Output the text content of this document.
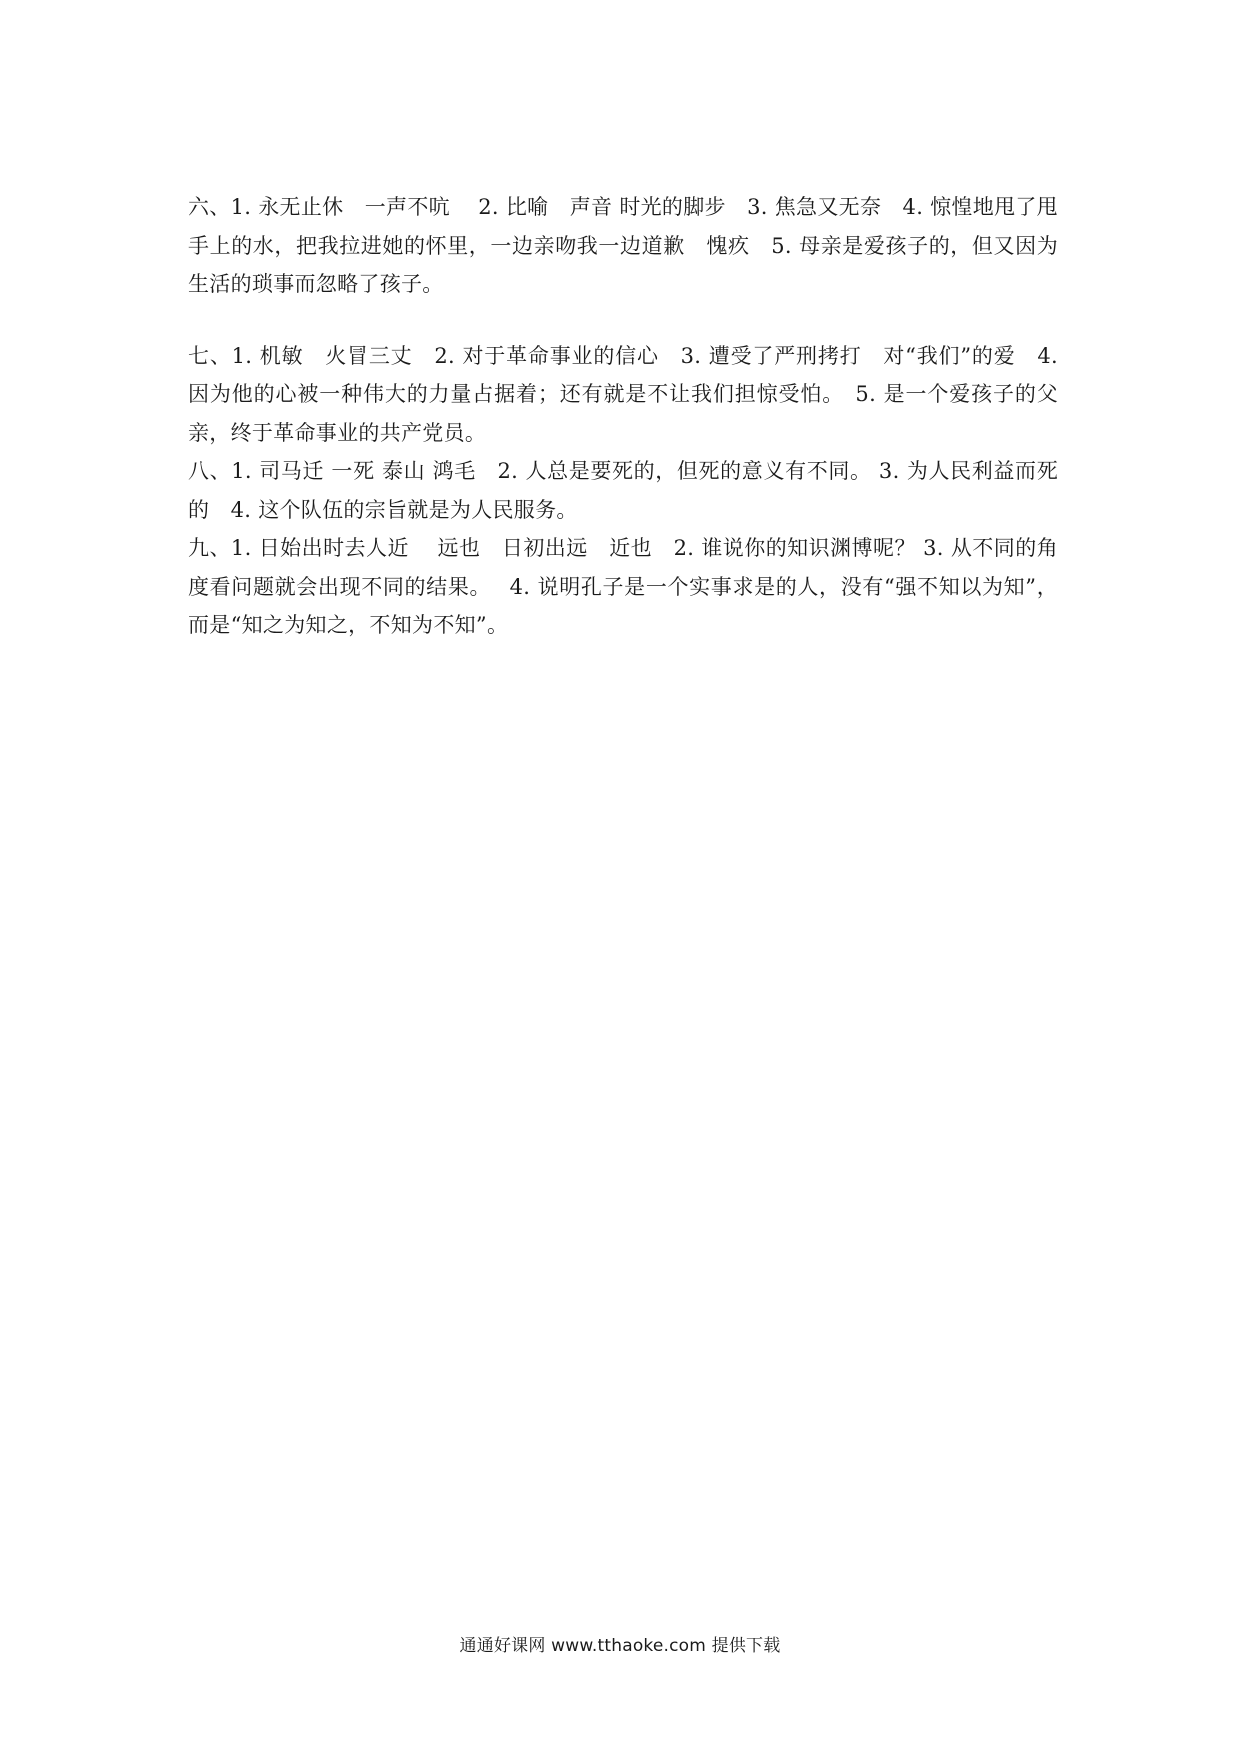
六、1. 永无止休　一声不吭　 2. 比喻　声音 时光的脚步　3. 焦急又无奈　4. 惊惶地甩了甩手上的水，把我拉进她的怀里，一边亲吻我一边道歉　愧疚　5. 母亲是爱孩子的，但又因为生活的琐事而忽略了孩子。

七、1. 机敏　火冒三丈　2. 对于革命事业的信心　3. 遭受了严刑拷打　对“我们”的爱　4. 因为他的心被一种伟大的力量占据着；还有就是不让我们担惊受怕。　5. 是一个爱孩子的父亲，终于革命事业的共产党员。

八、1. 司马迁 一死 泰山 鸿毛　2. 人总是要死的，但死的意义有不同。 3. 为人民利益而死的　4. 这个队伍的宗旨就是为人民服务。

九、1. 日始出时去人近　 远也　日初出远　近也　2. 谁说你的知识渊博呢？ 3. 从不同的角度看问题就会出现不同的结果。　 4. 说明孔子是一个实事求是的人，没有“强不知以为知”，而是“知之为知之，不知为不知”。

通通好课网 www.tthaoke.com 提供下载
